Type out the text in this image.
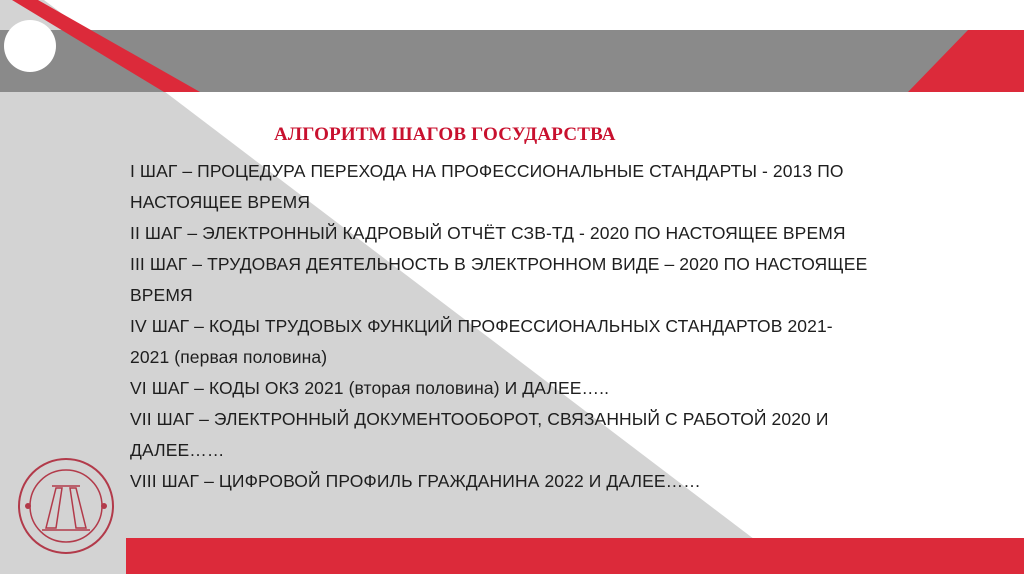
АЛГОРИТМ ШАГОВ ГОСУДАРСТВА
I ШАГ – ПРОЦЕДУРА ПЕРЕХОДА НА ПРОФЕССИОНАЛЬНЫЕ СТАНДАРТЫ - 2013 ПО
НАСТОЯЩЕЕ ВРЕМЯ
II ШАГ – ЭЛЕКТРОННЫЙ КАДРОВЫЙ ОТЧЁТ СЗВ-ТД - 2020 ПО НАСТОЯЩЕЕ ВРЕМЯ
III ШАГ – ТРУДОВАЯ ДЕЯТЕЛЬНОСТЬ В ЭЛЕКТРОННОМ ВИДЕ – 2020 ПО НАСТОЯЩЕЕ
ВРЕМЯ
IV ШАГ – КОДЫ ТРУДОВЫХ ФУНКЦИЙ ПРОФЕССИОНАЛЬНЫХ СТАНДАРТОВ 2021-
2021 (первая половина)
VI ШАГ – КОДЫ ОКЗ 2021 (вторая половина) И ДАЛЕЕ…..
VII ШАГ – ЭЛЕКТРОННЫЙ ДОКУМЕНТООБОРОТ, СВЯЗАННЫЙ С РАБОТОЙ 2020 И
ДАЛЕЕ……
VIII ШАГ – ЦИФРОВОЙ ПРОФИЛЬ ГРАЖДАНИНА 2022 И ДАЛЕЕ……
